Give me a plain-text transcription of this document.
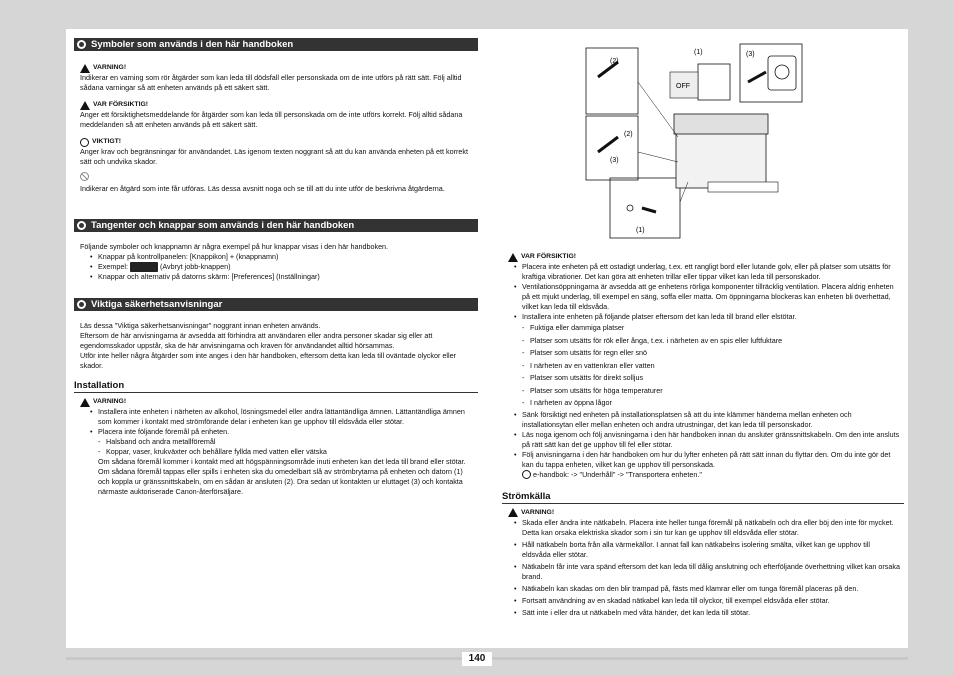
Symboler som används i den här handboken
VARNING!

Indikerar en varning som rör åtgärder som kan leda till dödsfall eller personskada om de inte utförs på rätt sätt. Följ alltid sådana varningar så att enheten används på ett säkert sätt.

VAR FÖRSIKTIG!

Anger ett försiktighetsmeddelande för åtgärder som kan leda till personskada om de inte utförs korrekt. Följ alltid sådana meddelanden så att enheten används på ett säkert sätt.

VIKTIGT!

Anger krav och begränsningar för användandet. Läs igenom texten noggrant så att du kan använda enheten på ett korrekt sätt och undvika skador.

Indikerar en åtgärd som inte får utföras. Läs dessa avsnitt noga och se till att du inte utför de beskrivna åtgärderna.

Tangenter och knappar som används i den här handboken

Följande symboler och knappnamn är några exempel på hur knappar visas i den här handboken.

• Knappar på kontrollpanelen: [Knappikon] + (knappnamn)
• Exempel:	(Avbryt jobb-knappen)
• Knappar och alternativ på datorns skärm: [Preferences] (Inställningar)
Viktiga säkerhetsanvisningar

Läs dessa "Viktiga säkerhetsanvisningar" noggrant innan enheten används.

Eftersom de här anvisningarna är avsedda att förhindra att användaren eller andra personer skadar sig eller att egendomsskador uppstår, ska de här anvisningarna och kraven för användandet alltid hörsammas.

Utför inte heller några åtgärder som inte anges i den här handboken, eftersom detta kan leda till oväntade olyckor eller skador.

Installation
VARNING!
• Installera inte enheten i närheten av alkohol, lösningsmedel eller andra lättantändliga ämnen. Lättantändliga ämnen som kommer i kontakt med strömförande delar i enheten kan ge upphov till eldsvåda eller stötar.
• Placera inte följande föremål på enheten.
- Halsband och andra metallföremål
- Koppar, vaser, krukväxter och behållare fyllda med vatten eller vätska

Om sådana föremål kommer i kontakt med att högspänningsområde inuti enheten kan det leda till brand eller stötar. Om sådana föremål tappas eller spills i enheten ska du omedelbart slå av strömbrytarna på enheten och datorn (1) och koppla ur gränssnittskabeln, om en sådan är ansluten (2). Dra sedan ut kontakten ur eluttaget (3) och kontakta närmaste auktoriserade Canon-återförsäljare.

(1)	(3)
(2)
OFF
(2)
(3)
(1)
VAR FÖRSIKTIG!
• Placera inte enheten på ett ostadigt underlag, t.ex. ett rangligt bord eller lutande golv, eller på platser som utsätts för kraftiga vibrationer. Det kan göra att enheten trillar eller tippar vilket kan leda till personskador.
• Ventilationsöppningarna är avsedda att ge enhetens rörliga komponenter tillräcklig ventilation. Placera aldrig enheten på ett mjukt underlag, till exempel en säng, soffa eller matta. Om öppningarna blockeras kan enheten bli överhettad, vilket kan leda till eldsvåda.
• Installera inte enheten på följande platser eftersom det kan leda till brand eller elstötar.
- Fuktiga eller dammiga platser
- Platser som utsätts för rök eller ånga, t.ex. i närheten av en spis eller luftfuktare
- Platser som utsätts för regn eller snö
- I närheten av en vattenkran eller vatten
- Platser som utsätts för direkt solljus
- Platser som utsätts för höga temperaturer
- I närheten av öppna lågor
• Sänk försiktigt ned enheten på installationsplatsen så att du inte klämmer händerna mellan enheten och installationsytan eller mellan enheten och andra utrustningar, det kan leda till personskador.
• Läs noga igenom och följ anvisningarna i den här handboken innan du ansluter gränssnittskabeln. Om den inte ansluts på rätt sätt kan det ge upphov till fel eller stötar.
• Följ anvisningarna i den här handboken om hur du lyfter enheten på rätt sätt innan du flyttar den. Om du inte gör det kan du tappa enheten, vilket kan ge upphov till personskada.

e-handbok: -> "Underhåll" -> "Transportera enheten."

Strömkälla
VARNING!
• Skada eller ändra inte nätkabeln. Placera inte heller tunga föremål på nätkabeln och dra eller böj den inte för mycket. Detta kan orsaka elektriska skador som i sin tur kan ge upphov till eldsvåda eller stötar.
• Håll nätkabeln borta från alla värmekällor. I annat fall kan nätkabelns isolering smälta, vilket kan ge upphov till eldsvåda eller stötar.
• Nätkabeln får inte vara spänd eftersom det kan leda till dålig anslutning och efterföljande överhettning vilket kan orsaka brand.
• Nätkabeln kan skadas om den blir trampad på, fästs med klamrar eller om tunga föremål placeras på den.
• Fortsatt användning av en skadad nätkabel kan leda till olyckor, till exempel eldsvåda eller stötar.
• Sätt inte i eller dra ut nätkabeln med våta händer, det kan leda till stötar.
140
